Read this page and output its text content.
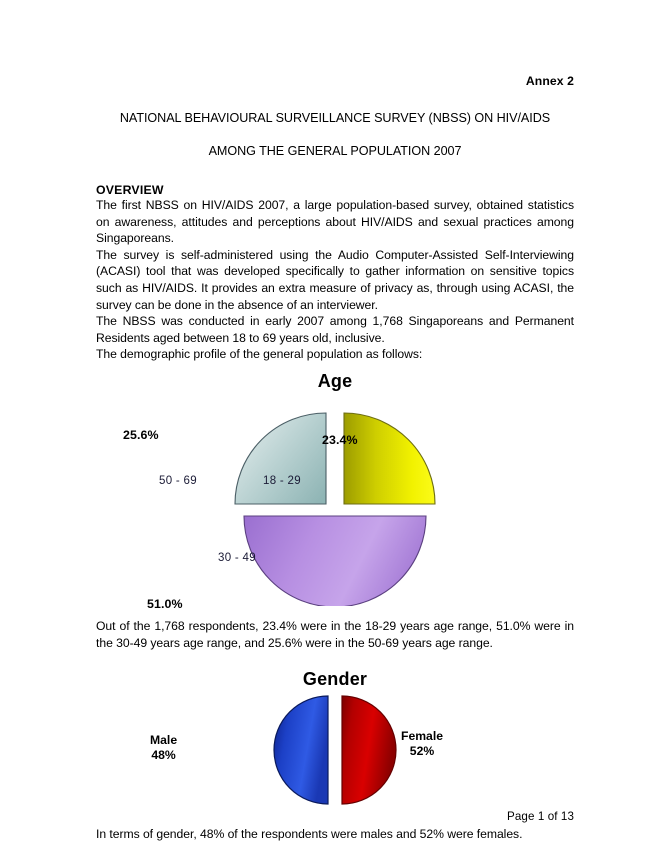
Annex 2

NATIONAL BEHAVIOURAL SURVEILLANCE SURVEY (NBSS) ON HIV/AIDS

AMONG THE GENERAL POPULATION 2007

OVERVIEW

The first NBSS on HIV/AIDS 2007, a large population-based survey, obtained statistics on awareness, attitudes and perceptions about HIV/AIDS and sexual practices among Singaporeans.

The survey is self-administered using the Audio Computer-Assisted Self-Interviewing (ACASI) tool that was developed specifically to gather information on sensitive topics such as HIV/AIDS. It provides an extra measure of privacy as, through using ACASI, the survey can be done in the absence of an interviewer.

The NBSS was conducted in early 2007 among 1,768 Singaporeans and Permanent Residents aged between 18 to 69 years old, inclusive.

The demographic profile of the general population as follows:

Age
50 - 69	18 - 29
30 - 49
25.6%	23.4%
51.0%

Out of the 1,768 respondents, 23.4% were in the 18-29 years age range, 51.0% were in the 30-49 years age range, and 25.6% were in the 50-69 years age range.

Gender
Male
48%
Female
52%

In terms of gender, 48% of the respondents were males and 52% were females.

Page 1 of 13
